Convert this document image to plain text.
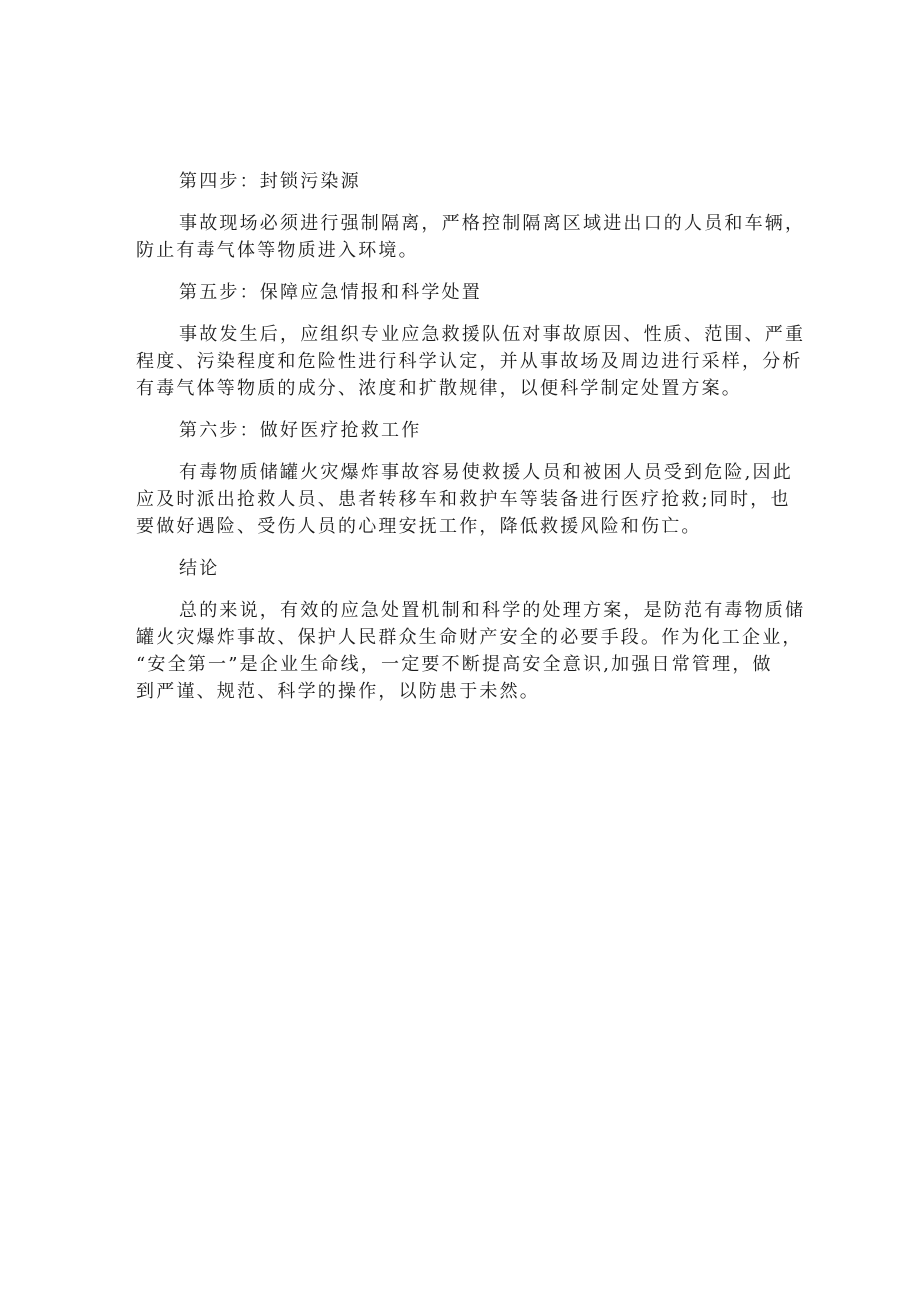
第四步：封锁污染源

事故现场必须进行强制隔离，严格控制隔离区域进出口的人员和车辆，

防止有毒气体等物质进入环境。

第五步：保障应急情报和科学处置

事故发生后，应组织专业应急救援队伍对事故原因、性质、范围、严重

程度、污染程度和危险性进行科学认定，并从事故场及周边进行采样，分析

有毒气体等物质的成分、浓度和扩散规律，以便科学制定处置方案。

第六步：做好医疗抢救工作

有毒物质储罐火灾爆炸事故容易使救援人员和被困人员受到危险,因此

应及时派出抢救人员、患者转移车和救护车等装备进行医疗抢救;同时，也

要做好遇险、受伤人员的心理安抚工作，降低救援风险和伤亡。

结论

总的来说，有效的应急处置机制和科学的处理方案，是防范有毒物质储

罐火灾爆炸事故、保护人民群众生命财产安全的必要手段。作为化工企业，

“安全第一”是企业生命线，一定要不断提高安全意识,加强日常管理，做

到严谨、规范、科学的操作，以防患于未然。
